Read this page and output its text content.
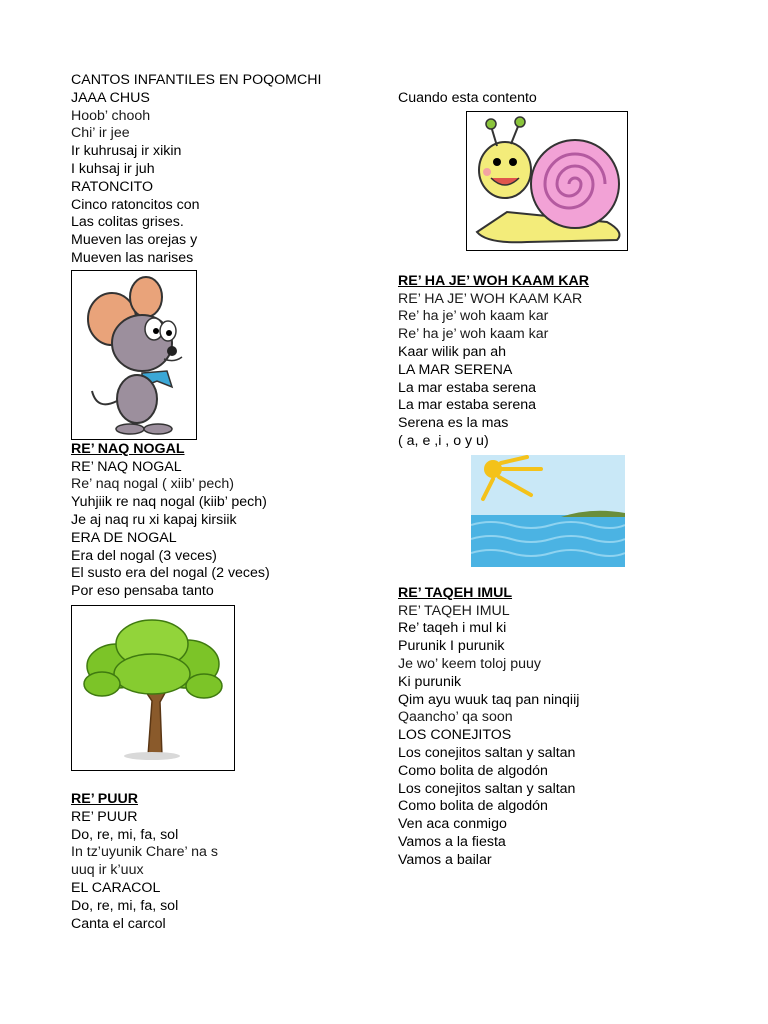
CANTOS INFANTILES EN POQOMCHI
JAAA CHUS
Hoob’ chooh
Chi’ ir jee
Ir kuhrusaj ir xikin
I kuhsaj ir juh
RATONCITO
Cinco ratoncitos con
Las colitas grises.
Mueven las orejas y
Mueven las narises
RE’ NAQ NOGAL
RE’ NAQ NOGAL
Re’ naq nogal ( xiib’ pech)
Yuhjiik re naq nogal (kiib’ pech)
Je aj naq ru xi kapaj kirsiik
ERA DE NOGAL
Era del nogal (3 veces)
El susto era del nogal (2 veces)
Por eso pensaba tanto
RE’ PUUR
RE’ PUUR
Do, re, mi, fa, sol
In tz’uyunik Chare’ na s
uuq ir k’uux
EL CARACOL
Do, re, mi, fa, sol
Canta el carcol
Cuando esta contento
RE’ HA JE’ WOH KAAM KAR
RE’ HA JE’ WOH KAAM KAR
Re’ ha je’ woh kaam kar
Re’ ha je’ woh kaam kar
Kaar wilik pan ah
LA MAR SERENA
La mar estaba serena
La mar estaba serena
Serena es la mas
( a, e ,i , o y u)
RE’ TAQEH IMUL
RE’ TAQEH IMUL
Re’ taqeh i mul ki
Purunik I purunik
Je wo’ keem toloj puuy
Ki purunik
Qim ayu wuuk taq pan ninqiij
Qaancho’ qa soon
LOS CONEJITOS
Los conejitos saltan y saltan
Como bolita de algodón
Los conejitos saltan y saltan
Como bolita de algodón
Ven aca conmigo
Vamos a la fiesta
Vamos a bailar
